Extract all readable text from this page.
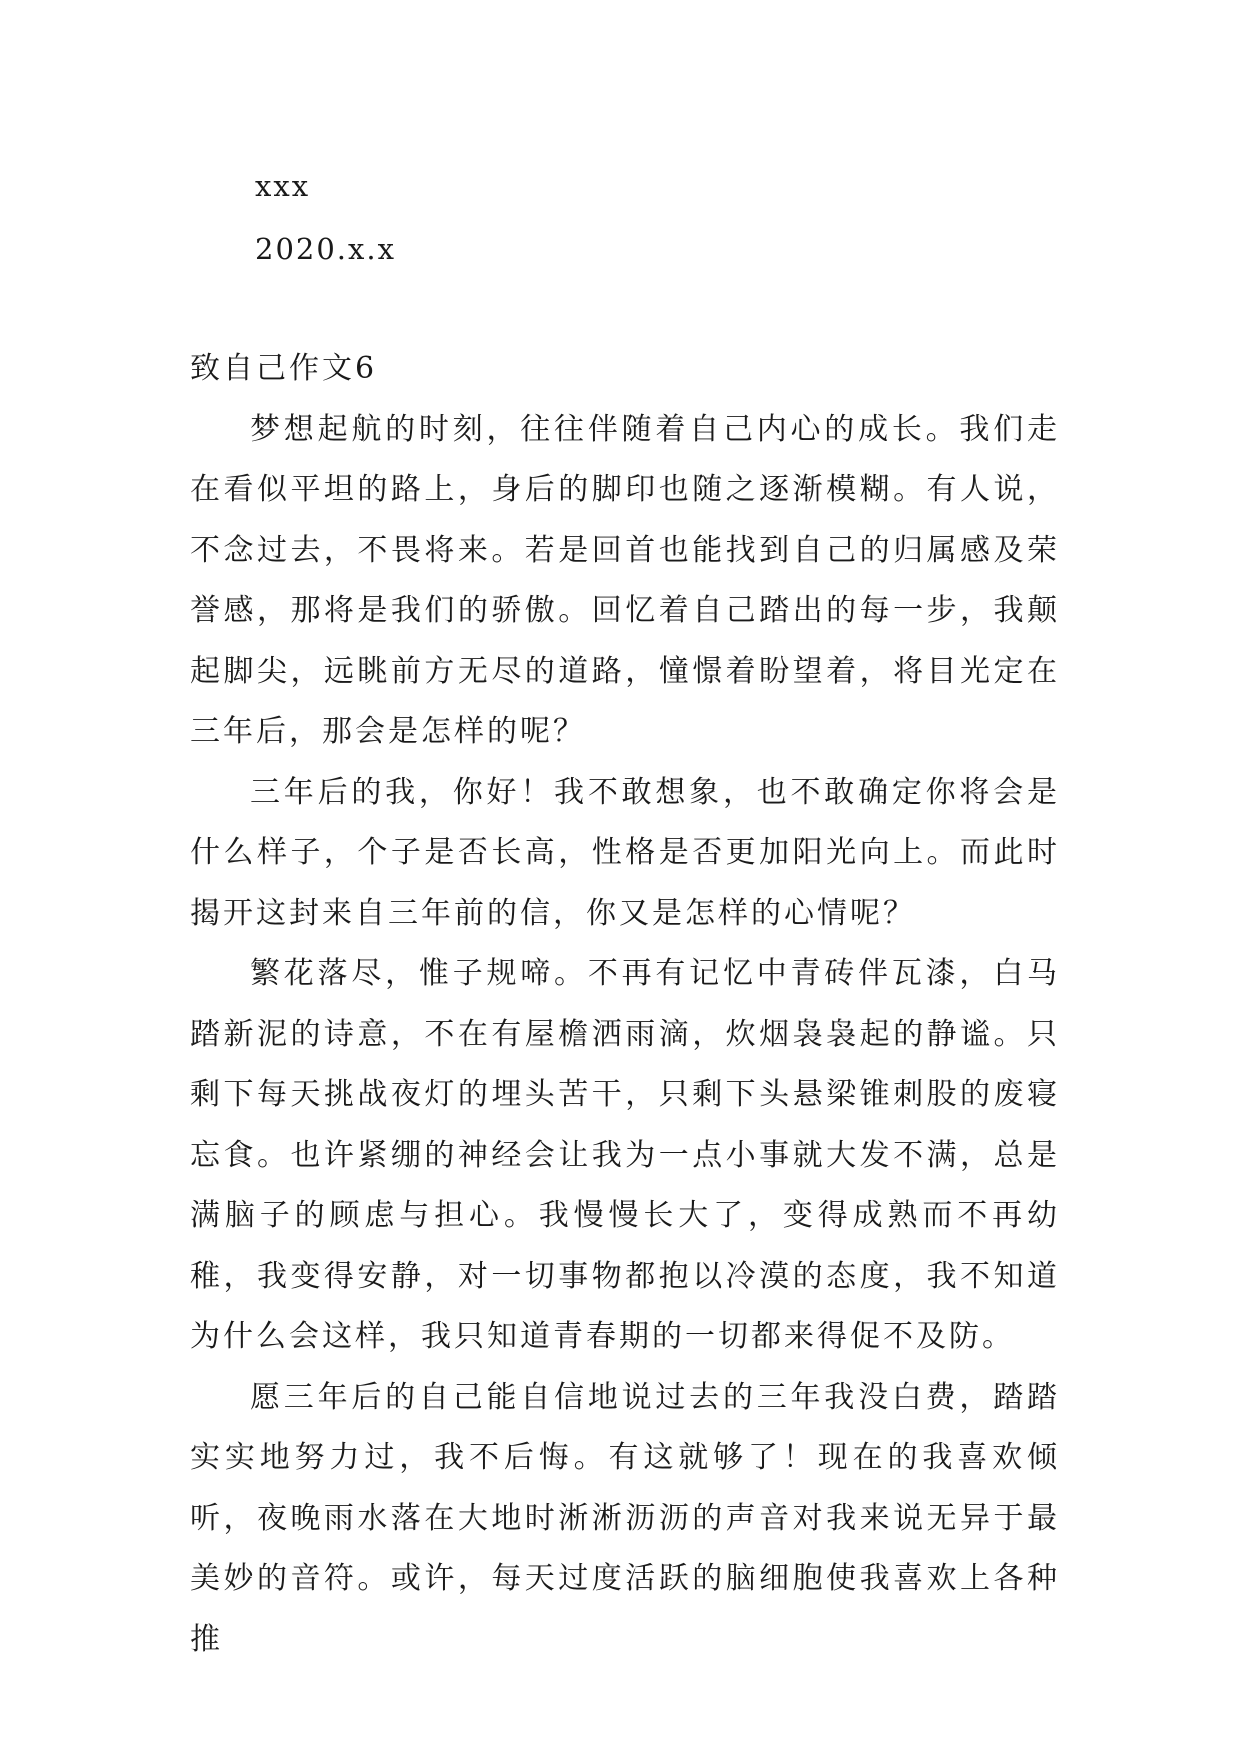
xxx
2020.x.x
致自己作文6

梦想起航的时刻，往往伴随着自己内心的成长。我们走在看似平坦的路上，身后的脚印也随之逐渐模糊。有人说，不念过去，不畏将来。若是回首也能找到自己的归属感及荣誉感，那将是我们的骄傲。回忆着自己踏出的每一步，我颠起脚尖，远眺前方无尽的道路，憧憬着盼望着，将目光定在三年后，那会是怎样的呢？

三年后的我，你好！我不敢想象，也不敢确定你将会是什么样子，个子是否长高，性格是否更加阳光向上。而此时揭开这封来自三年前的信，你又是怎样的心情呢？

繁花落尽，惟子规啼。不再有记忆中青砖伴瓦漆，白马踏新泥的诗意，不在有屋檐洒雨滴，炊烟袅袅起的静谧。只剩下每天挑战夜灯的埋头苦干，只剩下头悬梁锥刺股的废寝忘食。也许紧绷的神经会让我为一点小事就大发不满，总是满脑子的顾虑与担心。我慢慢长大了，变得成熟而不再幼稚，我变得安静，对一切事物都抱以冷漠的态度，我不知道为什么会这样，我只知道青春期的一切都来得促不及防。

愿三年后的自己能自信地说过去的三年我没白费，踏踏实实地努力过，我不后悔。有这就够了！现在的我喜欢倾听，夜晚雨水落在大地时淅淅沥沥的声音对我来说无异于最美妙的音符。或许，每天过度活跃的脑细胞使我喜欢上各种推
